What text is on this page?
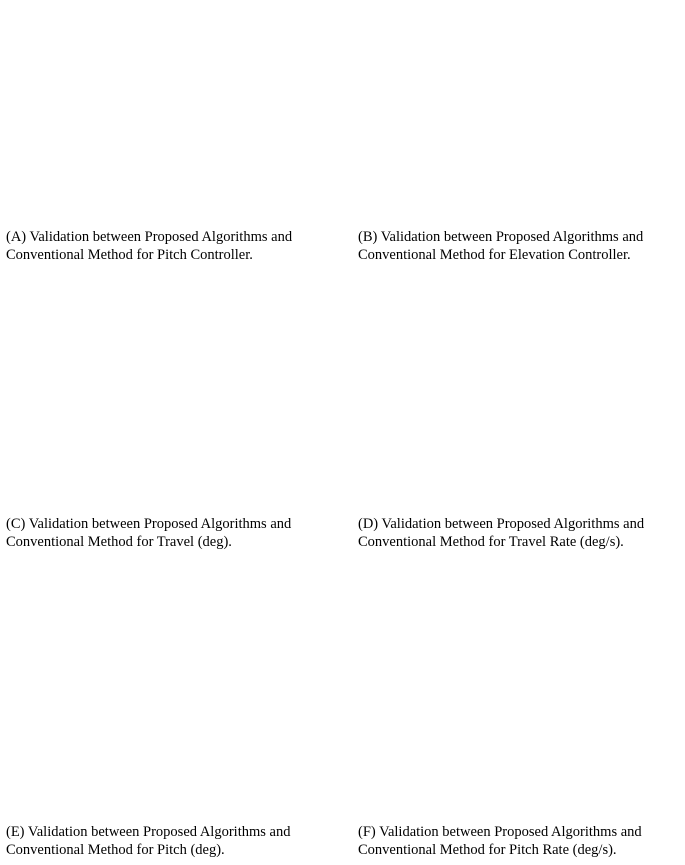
(A) Validation between Proposed Algorithms and
Conventional Method for Pitch Controller.
(B) Validation between Proposed Algorithms and
Conventional Method for Elevation Controller.
(C) Validation between Proposed Algorithms and
Conventional Method for Travel (deg).
(D) Validation between Proposed Algorithms and
Conventional Method for Travel Rate (deg/s).
(E) Validation between Proposed Algorithms and
Conventional Method for Pitch (deg).
(F) Validation between Proposed Algorithms and
Conventional Method for Pitch Rate (deg/s).
